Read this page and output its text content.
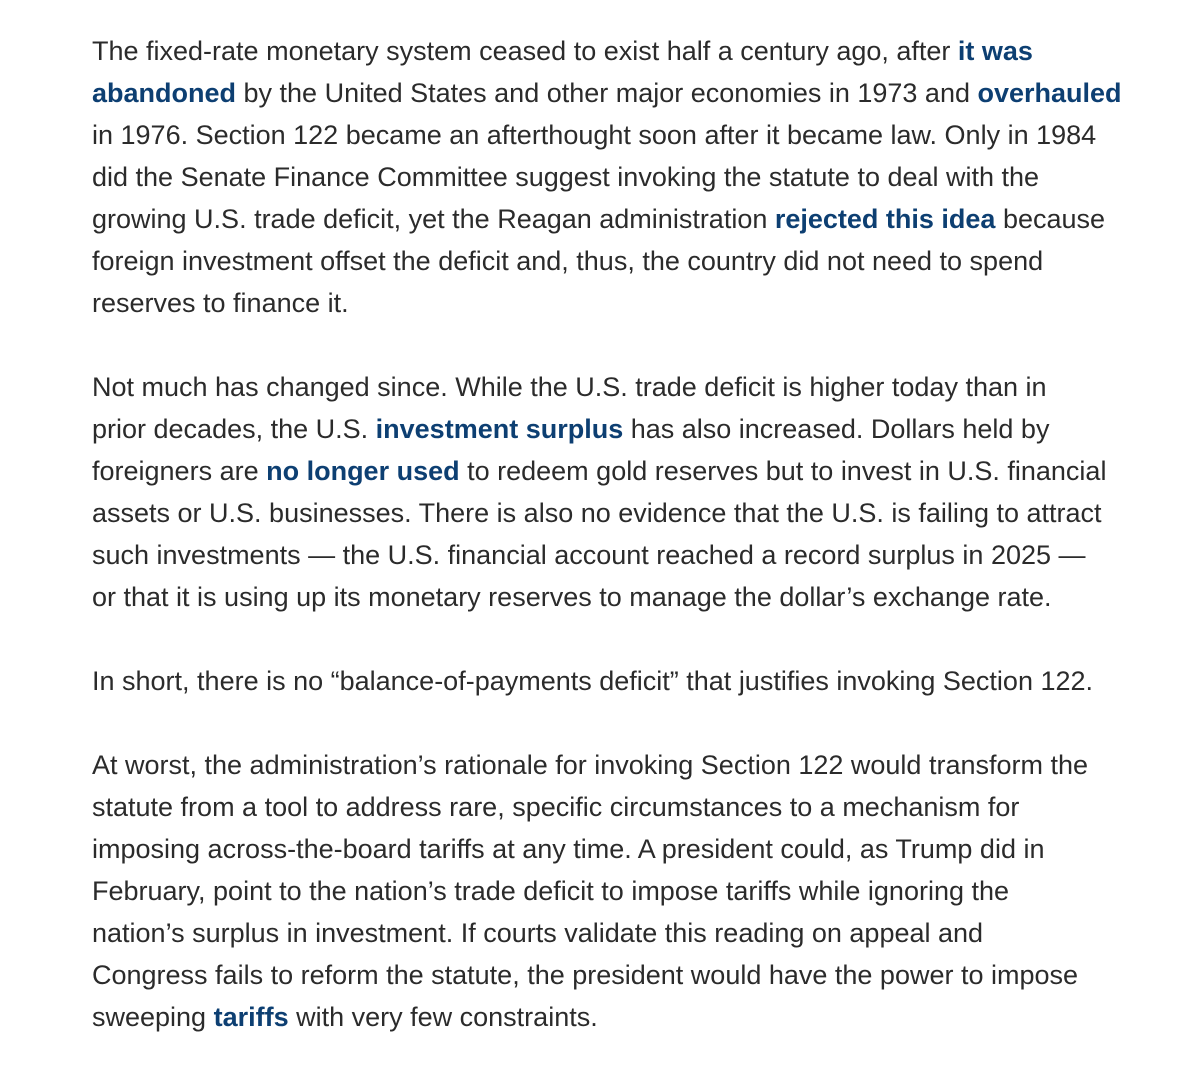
The fixed-rate monetary system ceased to exist half a century ago, after it was
abandoned by the United States and other major economies in 1973 and overhauled
in 1976. Section 122 became an afterthought soon after it became law. Only in 1984
did the Senate Finance Committee suggest invoking the statute to deal with the
growing U.S. trade deficit, yet the Reagan administration rejected this idea because
foreign investment offset the deficit and, thus, the country did not need to spend
reserves to finance it.

Not much has changed since. While the U.S. trade deficit is higher today than in
prior decades, the U.S. investment surplus has also increased. Dollars held by
foreigners are no longer used to redeem gold reserves but to invest in U.S. financial
assets or U.S. businesses. There is also no evidence that the U.S. is failing to attract
such investments — the U.S. financial account reached a record surplus in 2025 —
or that it is using up its monetary reserves to manage the dollar’s exchange rate.

In short, there is no “balance-of-payments deficit” that justifies invoking Section 122.

At worst, the administration’s rationale for invoking Section 122 would transform the
statute from a tool to address rare, specific circumstances to a mechanism for
imposing across-the-board tariffs at any time. A president could, as Trump did in
February, point to the nation’s trade deficit to impose tariffs while ignoring the
nation’s surplus in investment. If courts validate this reading on appeal and
Congress fails to reform the statute, the president would have the power to impose
sweeping tariffs with very few constraints.
